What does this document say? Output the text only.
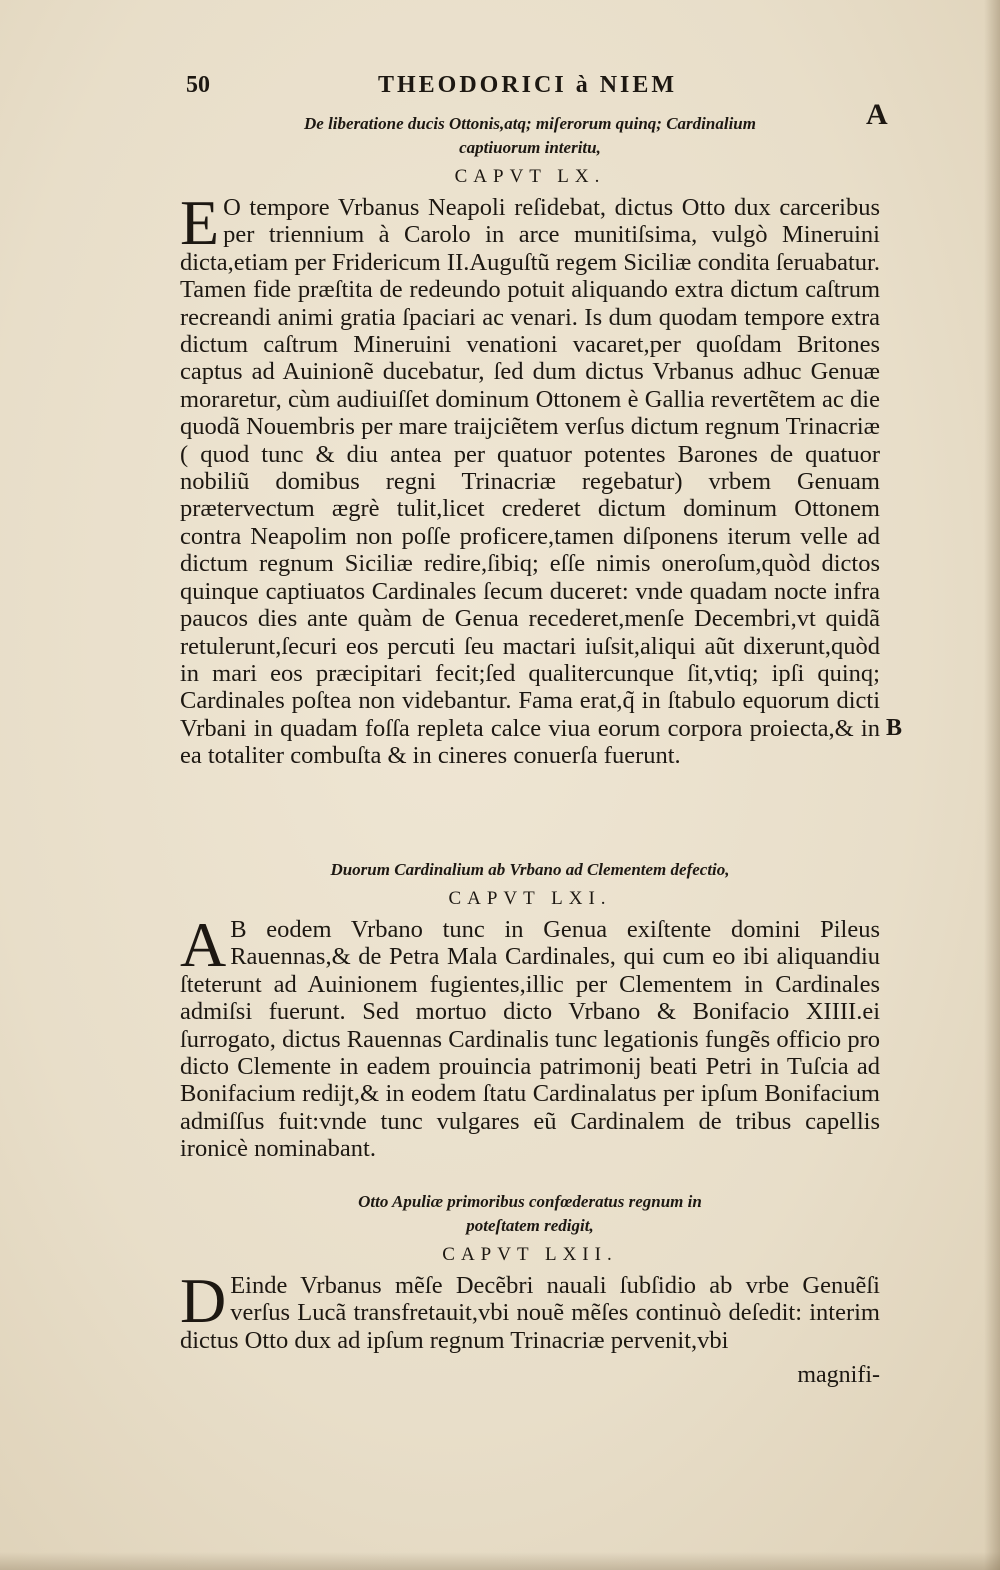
50	THEODORICI à NIEM
A
B
De liberatione ducis Ottonis,atq; miſerorum quinq; Cardinalium captiuorum interitu,
CAPVT LX.

E O tempore Vrbanus Neapoli reſidebat, dictus Otto dux carceribus per triennium à Carolo in arce munitiſsima, vulgò Mineruini dicta,etiam per Fridericum II.Auguſtũ regem Siciliæ condita ſeruabatur. Tamen fide præſtita de redeundo potuit aliquando extra dictum caſtrum recreandi animi gratia ſpaciari ac venari. Is dum quodam tempore extra dictum caſtrum Mineruini venationi vacaret,per quoſdam Britones captus ad Auinionẽ ducebatur, ſed dum dictus Vrbanus adhuc Genuæ moraretur, cùm audiuiſſet dominum Ottonem è Gallia revertẽtem ac die quodã Nouembris per mare traijciẽtem verſus dictum regnum Trinacriæ ( quod tunc & diu antea per quatuor potentes Barones de quatuor nobiliũ domibus regni Trinacriæ regebatur) vrbem Genuam prætervectum ægrè tulit,licet crederet dictum dominum Ottonem contra Neapolim non poſſe proficere,tamen diſponens iterum velle ad dictum regnum Siciliæ redire,ſibiq; eſſe nimis oneroſum,quòd dictos quinque captiuatos Cardinales ſecum duceret: vnde quadam nocte infra paucos dies ante quàm de Genua recederet,menſe Decembri,vt quidã retulerunt,ſecuri eos percuti ſeu mactari iuſsit,aliqui aũt dixerunt,quòd in mari eos præcipitari fecit;ſed qualitercunque ſit,vtiq; ipſi quinq; Cardinales poſtea non videbantur. Fama erat,q̃ in ſtabulo equorum dicti Vrbani in quadam foſſa repleta calce viua eorum corpora proiecta,& in ea totaliter combuſta & in cineres conuerſa fuerunt.

Duorum Cardinalium ab Vrbano ad Clementem defectio,
CAPVT LXI.

A B eodem Vrbano tunc in Genua exiſtente domini Pileus Rauennas,& de Petra Mala Cardinales, qui cum eo ibi aliquandiu ſteterunt ad Auinionem fugientes,illic per Clementem in Cardinales admiſsi fuerunt. Sed mortuo dicto Vrbano & Bonifacio XIIII.ei ſurrogato, dictus Rauennas Cardinalis tunc legationis fungẽs officio pro dicto Clemente in eadem prouincia patrimonij beati Petri in Tuſcia ad Bonifacium redijt,& in eodem ſtatu Cardinalatus per ipſum Bonifacium admiſſus fuit:vnde tunc vulgares eũ Cardinalem de tribus capellis ironicè nominabant.

Otto Apuliæ primoribus confœderatus regnum in poteſtatem redigit,
CAPVT LXII.

D Einde Vrbanus mẽſe Decẽbri nauali ſubſidio ab vrbe Genuẽſi verſus Lucã transfretauit,vbi nouẽ mẽſes continuò deſedit: interim dictus Otto dux ad ipſum regnum Trinacriæ pervenit,vbi

magnifi-
